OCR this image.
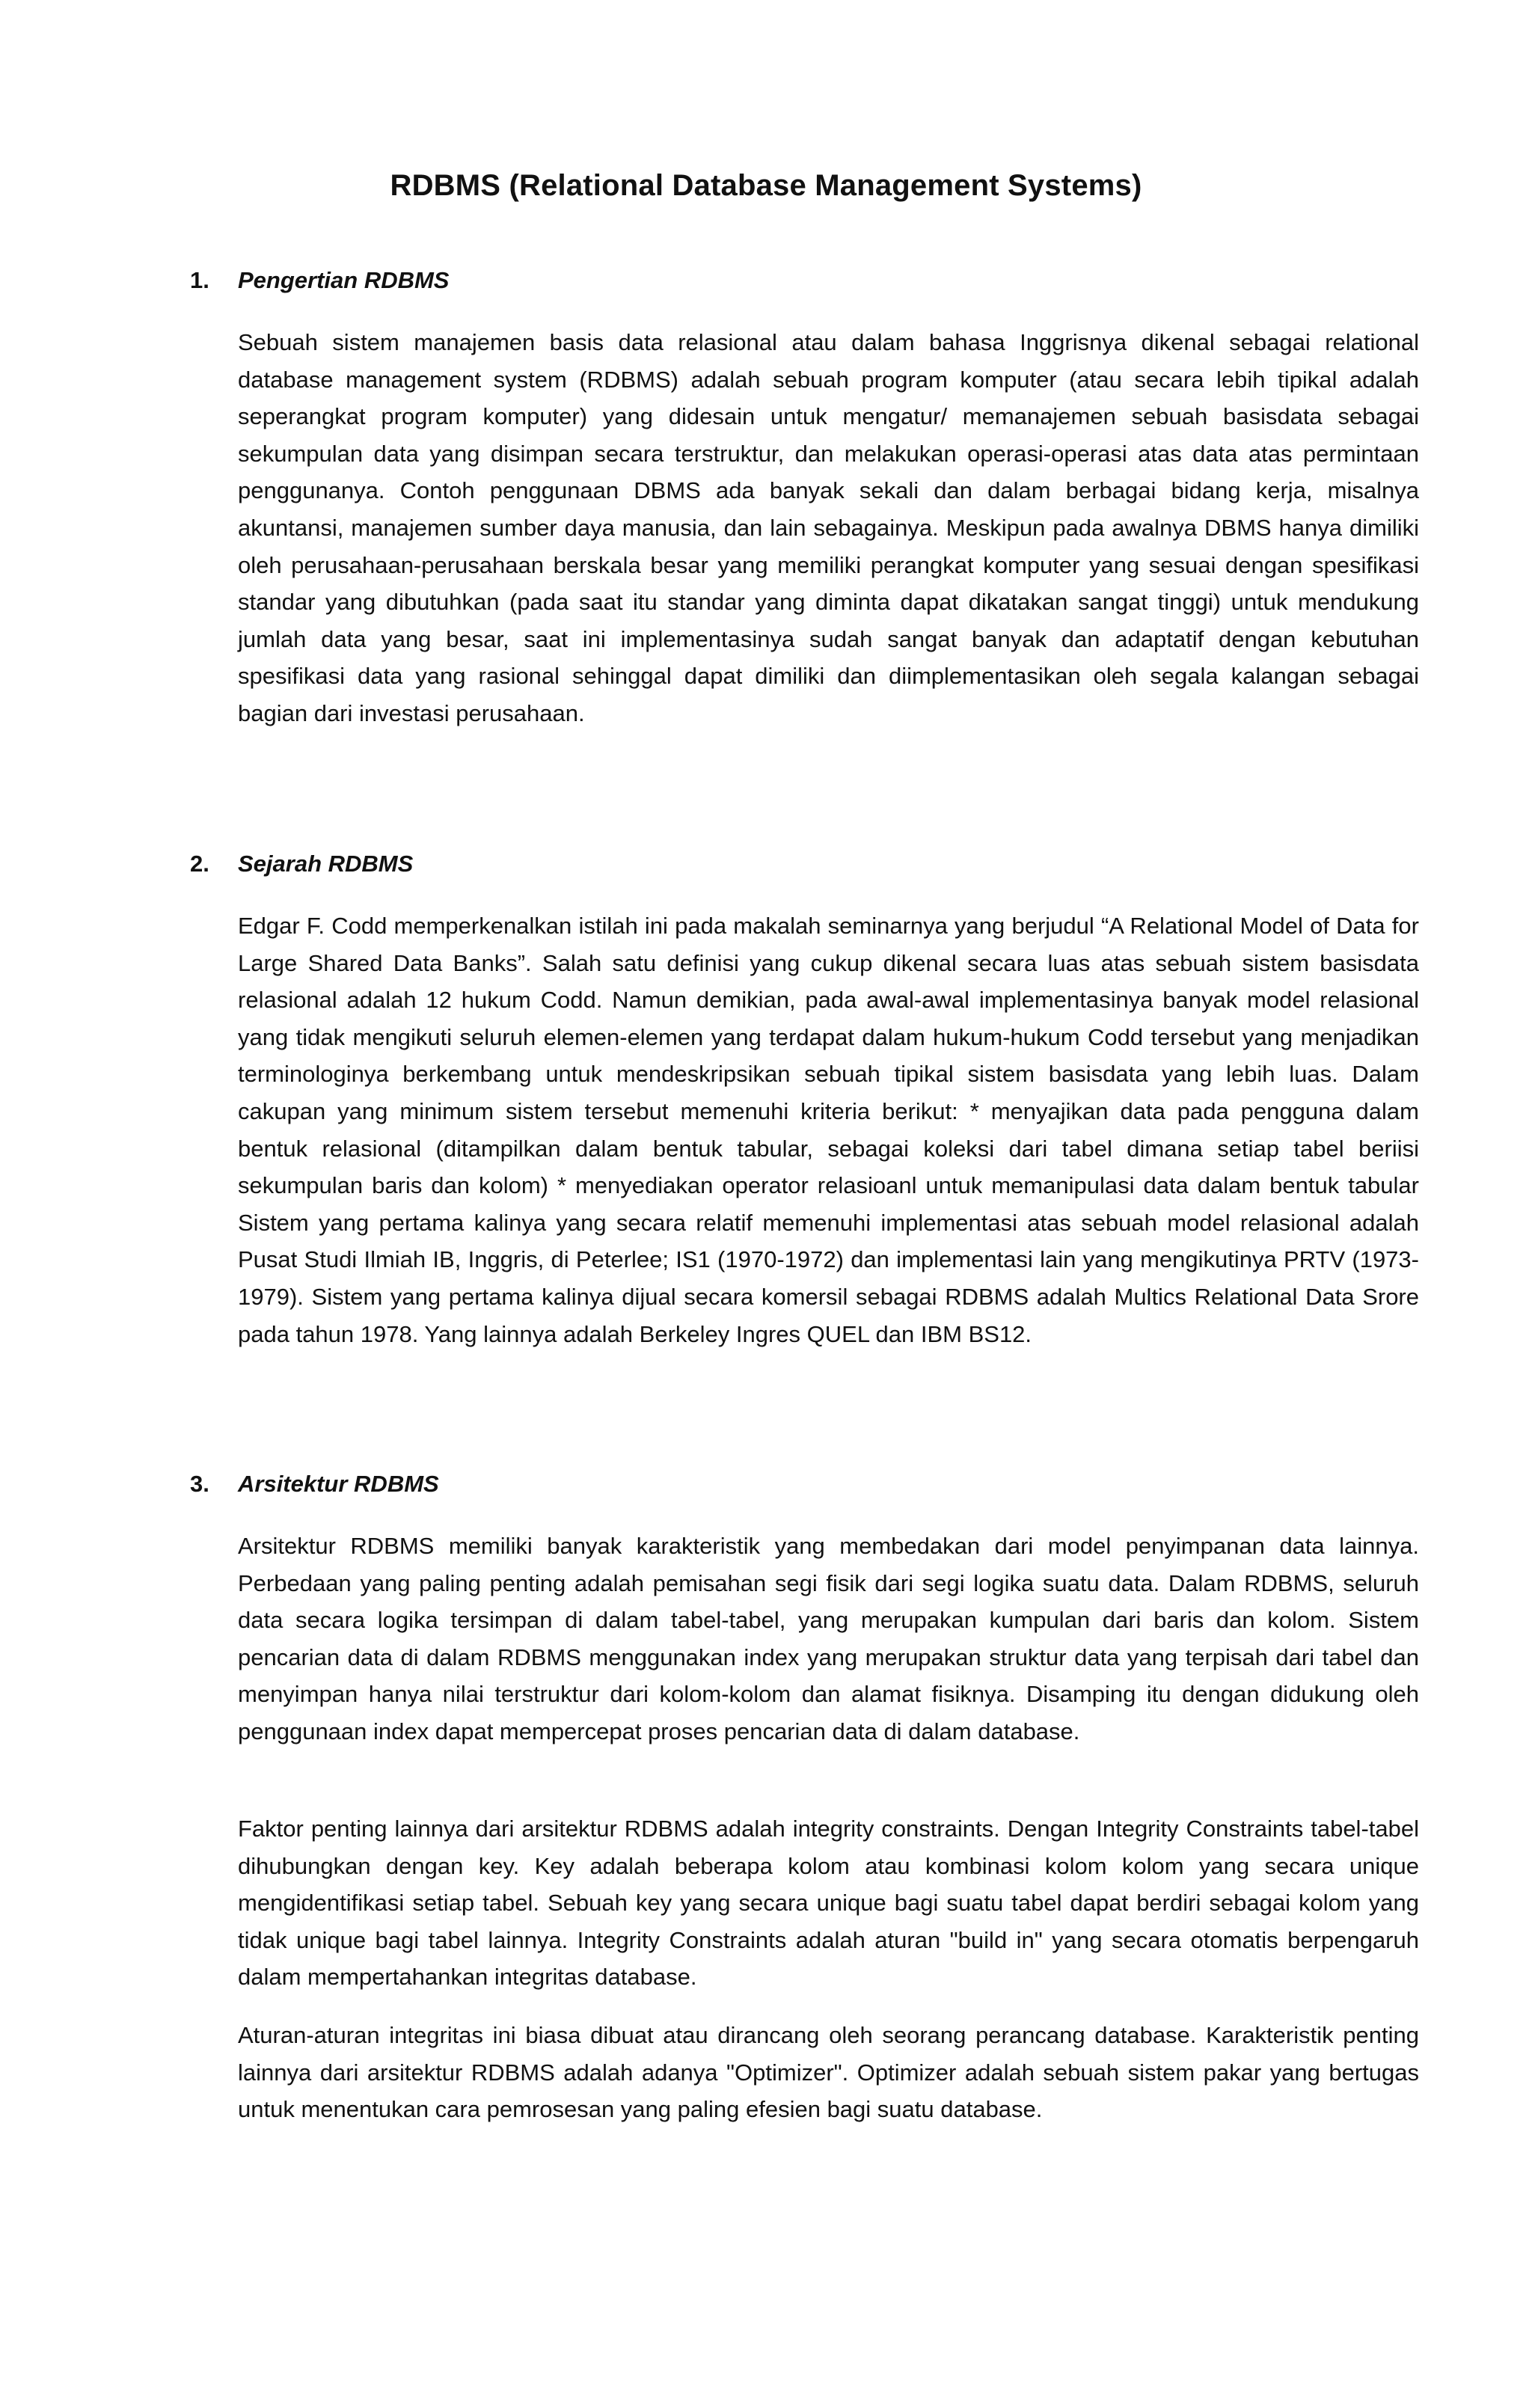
RDBMS (Relational Database Management Systems)
1. Pengertian RDBMS

Sebuah sistem manajemen basis data relasional atau dalam bahasa Inggrisnya dikenal sebagai relational database management system (RDBMS) adalah sebuah program komputer (atau secara lebih tipikal adalah seperangkat program komputer) yang didesain untuk mengatur/ memanajemen sebuah basisdata sebagai sekumpulan data yang disimpan secara terstruktur, dan melakukan operasi-operasi atas data atas permintaan penggunanya. Contoh penggunaan DBMS ada banyak sekali dan dalam berbagai bidang kerja, misalnya akuntansi, manajemen sumber daya manusia, dan lain sebagainya. Meskipun pada awalnya DBMS hanya dimiliki oleh perusahaan-perusahaan berskala besar yang memiliki perangkat komputer yang sesuai dengan spesifikasi standar yang dibutuhkan (pada saat itu standar yang diminta dapat dikatakan sangat tinggi) untuk mendukung jumlah data yang besar, saat ini implementasinya sudah sangat banyak dan adaptatif dengan kebutuhan spesifikasi data yang rasional sehinggal dapat dimiliki dan diimplementasikan oleh segala kalangan sebagai bagian dari investasi perusahaan.

2. Sejarah RDBMS

Edgar F. Codd memperkenalkan istilah ini pada makalah seminarnya yang berjudul “A Relational Model of Data for Large Shared Data Banks”. Salah satu definisi yang cukup dikenal secara luas atas sebuah sistem basisdata relasional adalah 12 hukum Codd. Namun demikian, pada awal-awal implementasinya banyak model relasional yang tidak mengikuti seluruh elemen-elemen yang terdapat dalam hukum-hukum Codd tersebut yang menjadikan terminologinya berkembang untuk mendeskripsikan sebuah tipikal sistem basisdata yang lebih luas. Dalam cakupan yang minimum sistem tersebut memenuhi kriteria berikut: * menyajikan data pada pengguna dalam bentuk relasional (ditampilkan dalam bentuk tabular, sebagai koleksi dari tabel dimana setiap tabel beriisi sekumpulan baris dan kolom) * menyediakan operator relasioanl untuk memanipulasi data dalam bentuk tabular Sistem yang pertama kalinya yang secara relatif memenuhi implementasi atas sebuah model relasional adalah Pusat Studi Ilmiah IB, Inggris, di Peterlee; IS1 (1970-1972) dan implementasi lain yang mengikutinya PRTV (1973-1979). Sistem yang pertama kalinya dijual secara komersil sebagai RDBMS adalah Multics Relational Data Srore pada tahun 1978. Yang lainnya adalah Berkeley Ingres QUEL dan IBM BS12.

3. Arsitektur RDBMS

Arsitektur RDBMS memiliki banyak karakteristik yang membedakan dari model penyimpanan data lainnya. Perbedaan yang paling penting adalah pemisahan segi fisik dari segi logika suatu data. Dalam RDBMS, seluruh data secara logika tersimpan di dalam tabel-tabel, yang merupakan kumpulan dari baris dan kolom. Sistem pencarian data di dalam RDBMS menggunakan index yang merupakan struktur data yang terpisah dari tabel dan menyimpan hanya nilai terstruktur dari kolom-kolom dan alamat fisiknya. Disamping itu dengan didukung oleh penggunaan index dapat mempercepat proses pencarian data di dalam database.

Faktor penting lainnya dari arsitektur RDBMS adalah integrity constraints. Dengan Integrity Constraints tabel-tabel dihubungkan dengan key. Key adalah beberapa kolom atau kombinasi kolom kolom yang secara unique mengidentifikasi setiap tabel. Sebuah key yang secara unique bagi suatu tabel dapat berdiri sebagai kolom yang tidak unique bagi tabel lainnya. Integrity Constraints adalah aturan "build in" yang secara otomatis berpengaruh dalam mempertahankan integritas database.

Aturan-aturan integritas ini biasa dibuat atau dirancang oleh seorang perancang database. Karakteristik penting lainnya dari arsitektur RDBMS adalah adanya "Optimizer". Optimizer adalah sebuah sistem pakar yang bertugas untuk menentukan cara pemrosesan yang paling efesien bagi suatu database.
